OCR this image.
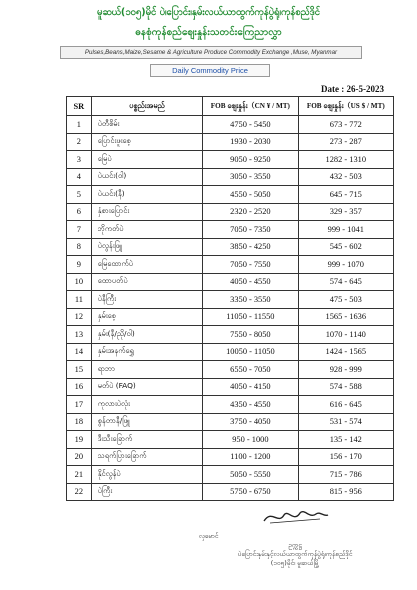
မူဆယ်(၁၀၅)မိုင် ပဲ၊ပြောင်း၊နှမ်းလယ်ယာထွက်ကုန်ပွဲရုံ၊ကုန်စည်ဒိုင်
ဓနစုံကုန်စည်ဈေးနှုန်းသတင်းကြေညာလွှာ
Pulses,Beans,Maize,Sesame & Agriculture Produce Commodity Exchange ,Muse, Myanmar
Daily Commodity Price
Date : 26-5-2023
SR	ပစ္စည်းအမည်	FOB ဈေးနှုန်း（CN ¥ / MT)	FOB ဈေးနှုန်း（US $ / MT)
1	ပဲတီစိမ်း	4750 - 5450	673 - 772
2	ပြောင်းဖူးစေ့	1930 - 2030	273 - 287
3	မြေပဲ	9050 - 9250	1282 - 1310
4	ပဲယင်း(ဝါ)	3050 - 3550	432 - 503
5	ပဲယင်း(နီ)	4550 - 5050	645 - 715
6	နှံစားပြောင်း	2320 - 2520	329 - 357
7	ဘိုကတ်ပဲ	7050 - 7350	999 - 1041
8	ပဲလွန်းဖြူ	3850 - 4250	545 - 602
9	မြေထောက်ပဲ	7050 - 7550	999 - 1070
10	ထောပတ်ပဲ	4050 - 4550	574 - 645
11	ပဲနီကြီး	3350 - 3550	475 - 503
12	နှမ်းစေ့	11050 - 11550	1565 - 1636
13	နှမ်း(နီ/ညို/ဝါ)	7550 - 8050	1070 - 1140
14	နှမ်းအနက်ရွှေ	10050 - 11050	1424 - 1565
15	ရာဘာ	6550 - 7050	928 - 999
16	မတ်ပဲ (FAQ)	4050 - 4150	574 - 588
17	ကုလားပဲလုံး	4350 - 4550	616 - 645
18	စွန်တာနီ/ဖြူ	3750 - 4050	531 - 574
19	ဒီးသီးခြောက်	950 - 1000	135 - 142
20	သရက်ပြားခြောက်	1100 - 1200	156 - 170
21	နိုင်လွန်ပဲ	5050 - 5550	715 - 786
22	ပဲကြီး	5750 - 6750	815 - 956
လှမောင်
ဥက္ကဋ္ဌ
ပဲပြောင်းနှမ်းနှင့်လယ်ယာထွက်ကုန်ပွဲရုံ၊ကုန်စည်ဒိုင်
(၁၀၅)မိုင်၊ မူဆယ်မြို့
